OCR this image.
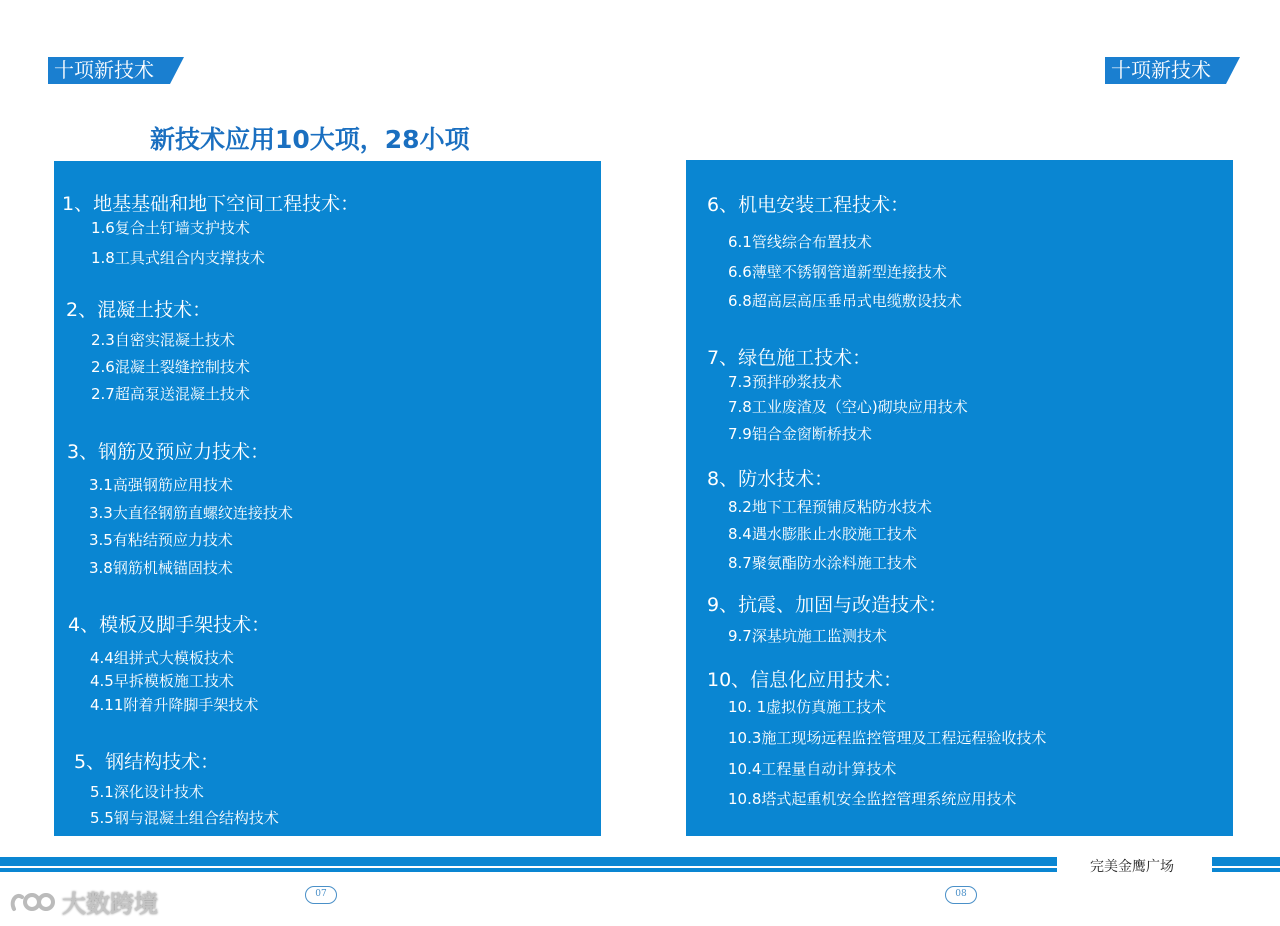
十项新技术	十项新技术
新技术应用10大项，28小项
1、地基基础和地下空间工程技术：
1.6复合土钉墙支护技术
1.8工具式组合内支撑技术
2、混凝土技术：
2.3自密实混凝土技术
2.6混凝土裂缝控制技术
2.7超高泵送混凝土技术
3、钢筋及预应力技术：
3.1高强钢筋应用技术
3.3大直径钢筋直螺纹连接技术
3.5有粘结预应力技术
3.8钢筋机械锚固技术
4、模板及脚手架技术：
4.4组拼式大模板技术
4.5早拆模板施工技术
4.11附着升降脚手架技术
5、钢结构技术：
5.1深化设计技术
5.5钢与混凝土组合结构技术
6、机电安装工程技术：
6.1管线综合布置技术
6.6薄壁不锈钢管道新型连接技术
6.8超高层高压垂吊式电缆敷设技术
7、绿色施工技术：
7.3预拌砂浆技术
7.8工业废渣及（空心)砌块应用技术
7.9铝合金窗断桥技术
8、防水技术：
8.2地下工程预铺反粘防水技术
8.4遇水膨胀止水胶施工技术
8.7聚氨酯防水涂料施工技术
9、抗震、加固与改造技术：
9.7深基坑施工监测技术
10、信息化应用技术：
10. 1虚拟仿真施工技术
10.3施工现场远程监控管理及工程远程验收技术
10.4工程量自动计算技术
10.8塔式起重机安全监控管理系统应用技术
完美金鹰广场
07	08
大数跨境
